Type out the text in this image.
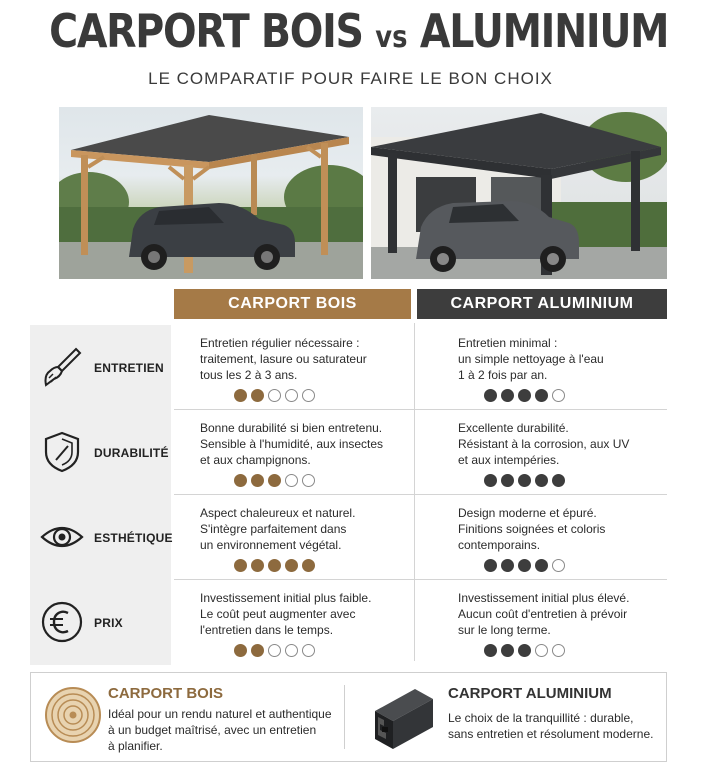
CARPORT BOIS vs ALUMINIUM
LE COMPARATIF POUR FAIRE LE BON CHOIX
CARPORT BOIS	CARPORT ALUMINIUM
ENTRETIEN
Entretien régulier nécessaire :
traitement, lasure ou saturateur
tous les 2 à 3 ans.
Entretien minimal :
un simple nettoyage à l'eau
1 à 2 fois par an.
DURABILITÉ
Bonne durabilité si bien entretenu.
Sensible à l'humidité, aux insectes
et aux champignons.
Excellente durabilité.
Résistant à la corrosion, aux UV
et aux intempéries.
ESTHÉTIQUE
Aspect chaleureux et naturel.
S'intègre parfaitement dans
un environnement végétal.
Design moderne et épuré.
Finitions soignées et coloris
contemporains.
PRIX
Investissement initial plus faible.
Le coût peut augmenter avec
l'entretien dans le temps.
Investissement initial plus élevé.
Aucun coût d'entretien à prévoir
sur le long terme.
CARPORT BOIS
Idéal pour un rendu naturel et authentique
à un budget maîtrisé, avec un entretien
à planifier.
CARPORT ALUMINIUM
Le choix de la tranquillité : durable,
sans entretien et résolument moderne.
